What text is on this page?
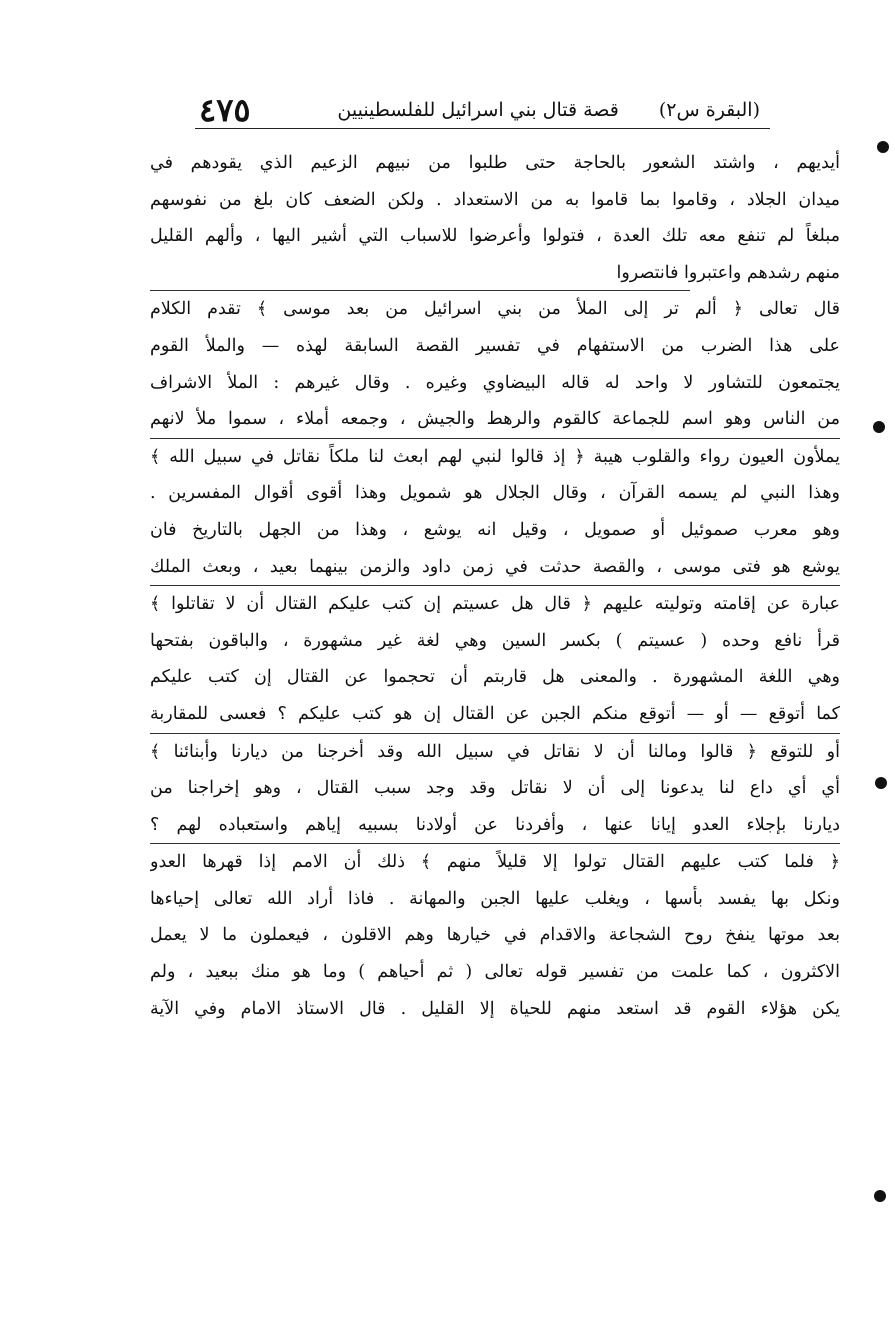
(البقرة س٢)
قصة قتال بني اسرائيل للفلسطينيين
٤٧٥
أيديهم ، واشتد الشعور بالحاجة حتى طلبوا من نبيهم الزعيم الذي يقودهم في
ميدان الجلاد ، وقاموا بما قاموا به من الاستعداد . ولكن الضعف كان بلغ من نفوسهم
مبلغاً لم تنفع معه تلك العدة ، فتولوا وأعرضوا للاسباب التي أشير اليها ، وألهم القليل
منهم رشدهم واعتبروا فانتصروا
قال تعالى ﴿ ألم تر إلى الملأ من بني اسرائيل من بعد موسى ﴾ تقدم الكلام
على هذا الضرب من الاستفهام في تفسير القصة السابقة لهذه — والملأ القوم
يجتمعون للتشاور لا واحد له قاله البيضاوي وغيره . وقال غيرهم : الملأ الاشراف
من الناس وهو اسم للجماعة كالقوم والرهط والجيش ، وجمعه أملاء ، سموا ملأ لانهم
يملأون العيون رواء والقلوب هيبة ﴿ إذ قالوا لنبي لهم ابعث لنا ملكاً نقاتل في سبيل الله ﴾
وهذا النبي لم يسمه القرآن ، وقال الجلال هو شمويل وهذا أقوى أقوال المفسرين .
وهو معرب صموئيل أو صمويل ، وقيل انه يوشع ، وهذا من الجهل بالتاريخ فان
يوشع هو فتى موسى ، والقصة حدثت في زمن داود والزمن بينهما بعيد ، وبعث الملك
عبارة عن إقامته وتوليته عليهم ﴿ قال هل عسيتم إن كتب عليكم القتال أن لا تقاتلوا ﴾
قرأ نافع وحده ( عسيتم ) بكسر السين وهي لغة غير مشهورة ، والباقون بفتحها
وهي اللغة المشهورة . والمعنى هل قاربتم أن تحجموا عن القتال إن كتب عليكم
كما أتوقع — أو — أتوقع منكم الجبن عن القتال إن هو كتب عليكم ؟ فعسى للمقاربة
أو للتوقع ﴿ قالوا ومالنا أن لا نقاتل في سبيل الله وقد أخرجنا من ديارنا وأبنائنا ﴾
أي أي داع لنا يدعونا إلى أن لا نقاتل وقد وجد سبب القتال ، وهو إخراجنا من
ديارنا بإجلاء العدو إيانا عنها ، وأفردنا عن أولادنا بسبيه إياهم واستعباده لهم ؟
﴿ فلما كتب عليهم القتال تولوا إلا قليلاً منهم ﴾ ذلك أن الامم إذا قهرها العدو
ونكل بها يفسد بأسها ، ويغلب عليها الجبن والمهانة . فاذا أراد الله تعالى إحياءها
بعد موتها ينفخ روح الشجاعة والاقدام في خيارها وهم الاقلون ، فيعملون ما لا يعمل
الاكثرون ، كما علمت من تفسير قوله تعالى ( ثم أحياهم ) وما هو منك ببعيد ، ولم
يكن هؤلاء القوم قد استعد منهم للحياة إلا القليل . قال الاستاذ الامام وفي الآية
